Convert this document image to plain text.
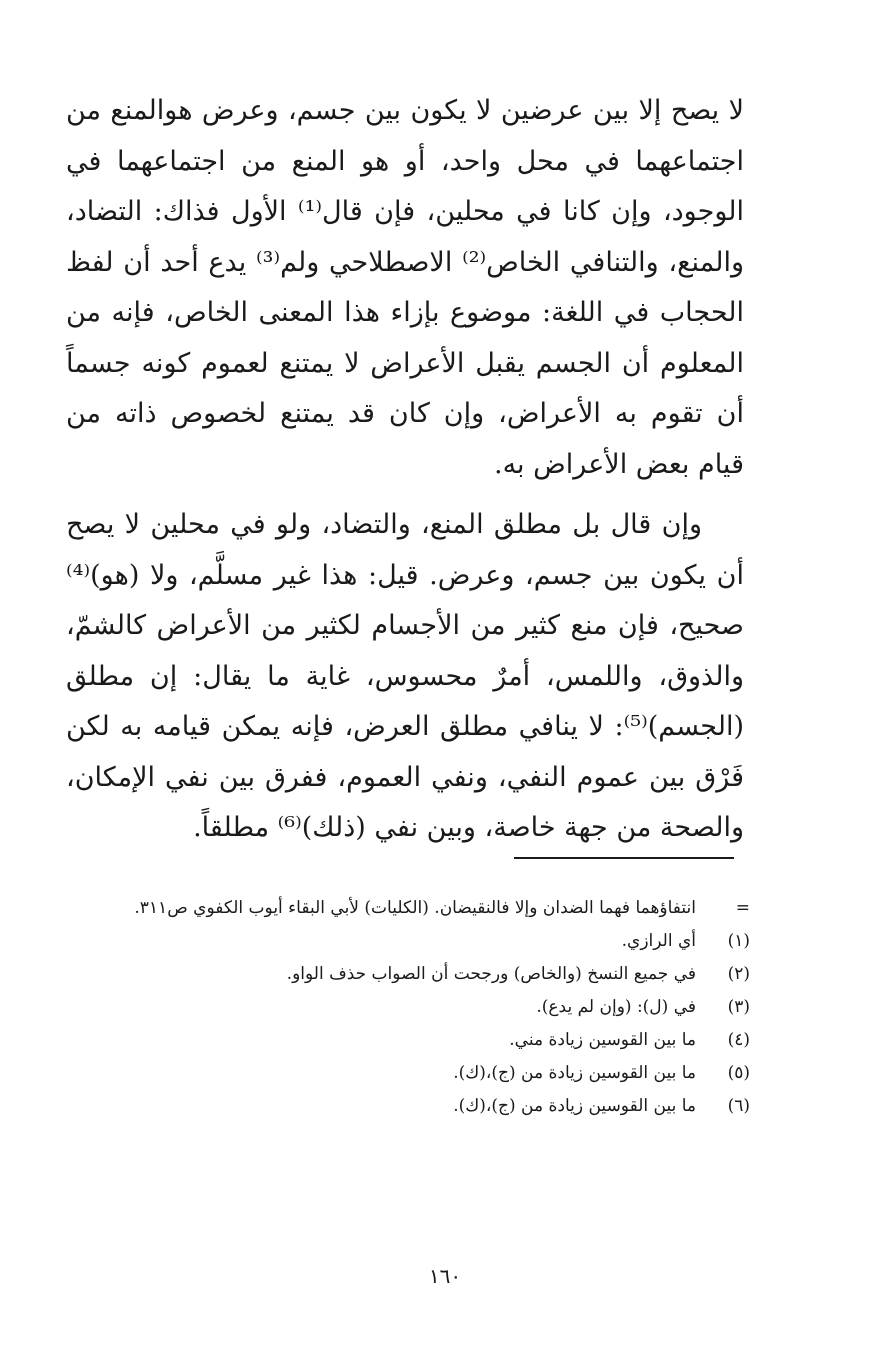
لا يصح إلا بين عرضين لا يكون بين جسم، وعرض هوالمنع من اجتماعهما في محل واحد، أو هو المنع من اجتماعهما في الوجود، وإن كانا في محلين، فإن قال⁽¹⁾ الأول فذاك: التضاد، والمنع، والتنافي الخاص⁽²⁾ الاصطلاحي ولم⁽³⁾ يدع أحد أن لفظ الحجاب في اللغة: موضوع بإزاء هذا المعنى الخاص، فإنه من المعلوم أن الجسم يقبل الأعراض لا يمتنع لعموم كونه جسماً أن تقوم به الأعراض، وإن كان قد يمتنع لخصوص ذاته من قيام بعض الأعراض به.

وإن قال بل مطلق المنع، والتضاد، ولو في محلين لا يصح أن يكون بين جسم، وعرض. قيل: هذا غير مسلَّم، ولا (هو)⁽⁴⁾ صحيح، فإن منع كثير من الأجسام لكثير من الأعراض كالشمّ، والذوق، واللمس، أمرٌ محسوس، غاية ما يقال: إن مطلق (الجسم)⁽⁵⁾: لا ينافي مطلق العرض، فإنه يمكن قيامه به لكن فَرْق بين عموم النفي، ونفي العموم، ففرق بين نفي الإمكان، والصحة من جهة خاصة، وبين نفي (ذلك)⁽⁶⁾ مطلقاً.

=
انتفاؤهما فهما الضدان وإلا فالنقيضان. (الكليات) لأبي البقاء أيوب الكفوي ص٣١١.
(١)
أي الرازي.
(٢)
في جميع النسخ (والخاص) ورجحت أن الصواب حذف الواو.
(٣)
في (ل): (وإن لم يدع).
(٤)
ما بين القوسين زيادة مني.
(٥)
ما بين القوسين زيادة من (ج)،(ك).
(٦)
ما بين القوسين زيادة من (ج)،(ك).
١٦٠
